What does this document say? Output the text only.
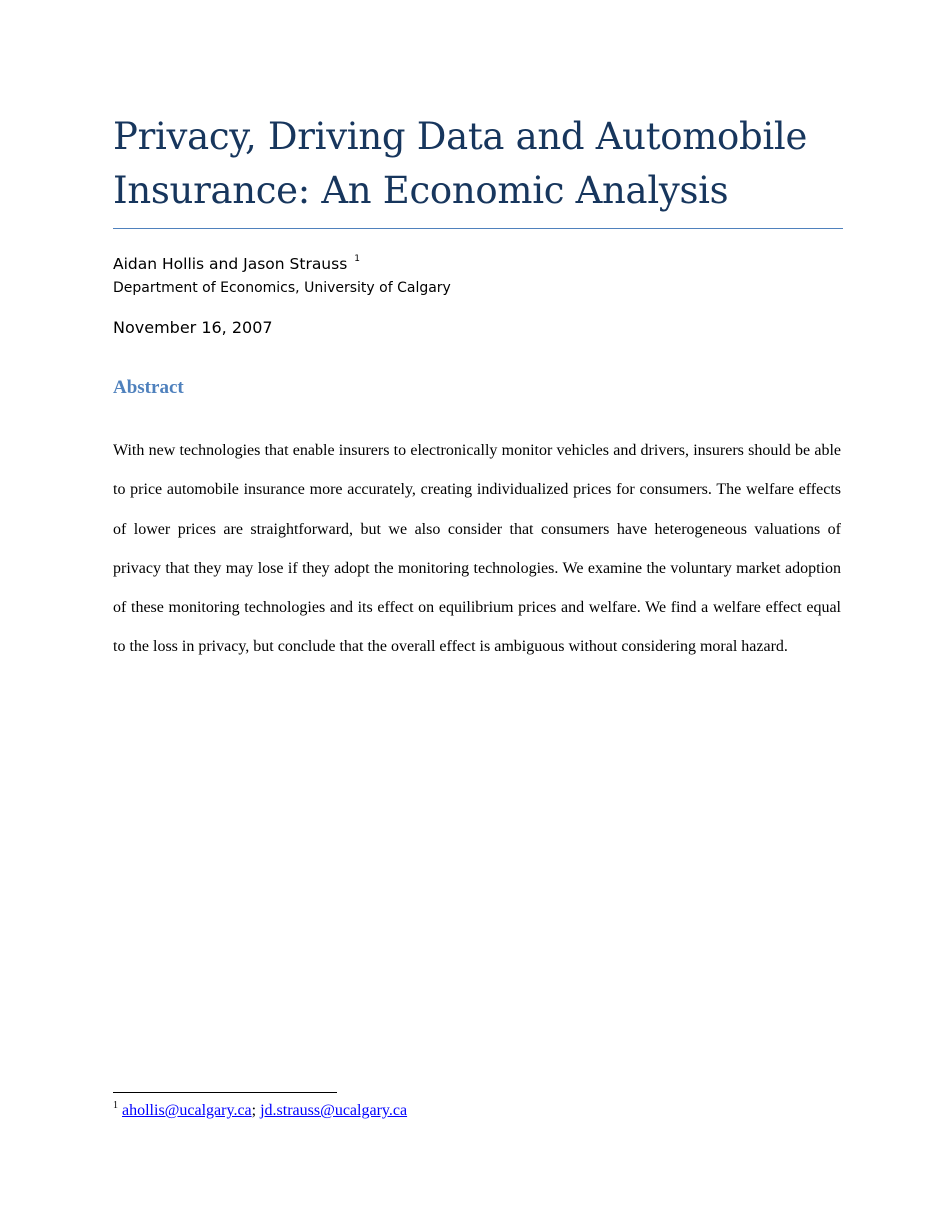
Privacy, Driving Data and Automobile Insurance: An Economic Analysis
Aidan Hollis and Jason Strauss $^1$
Department of Economics, University of Calgary
November 16, 2007
Abstract

With new technologies that enable insurers to electronically monitor vehicles and drivers, insurers should be able to price automobile insurance more accurately, creating individualized prices for consumers. The welfare effects of lower prices are straightforward, but we also consider that consumers have heterogeneous valuations of privacy that they may lose if they adopt the monitoring technologies. We examine the voluntary market adoption of these monitoring technologies and its effect on equilibrium prices and welfare. We find a welfare effect equal to the loss in privacy, but conclude that the overall effect is ambiguous without considering moral hazard.

$^1$ ahollis@ucalgary.ca; jd.strauss@ucalgary.ca
